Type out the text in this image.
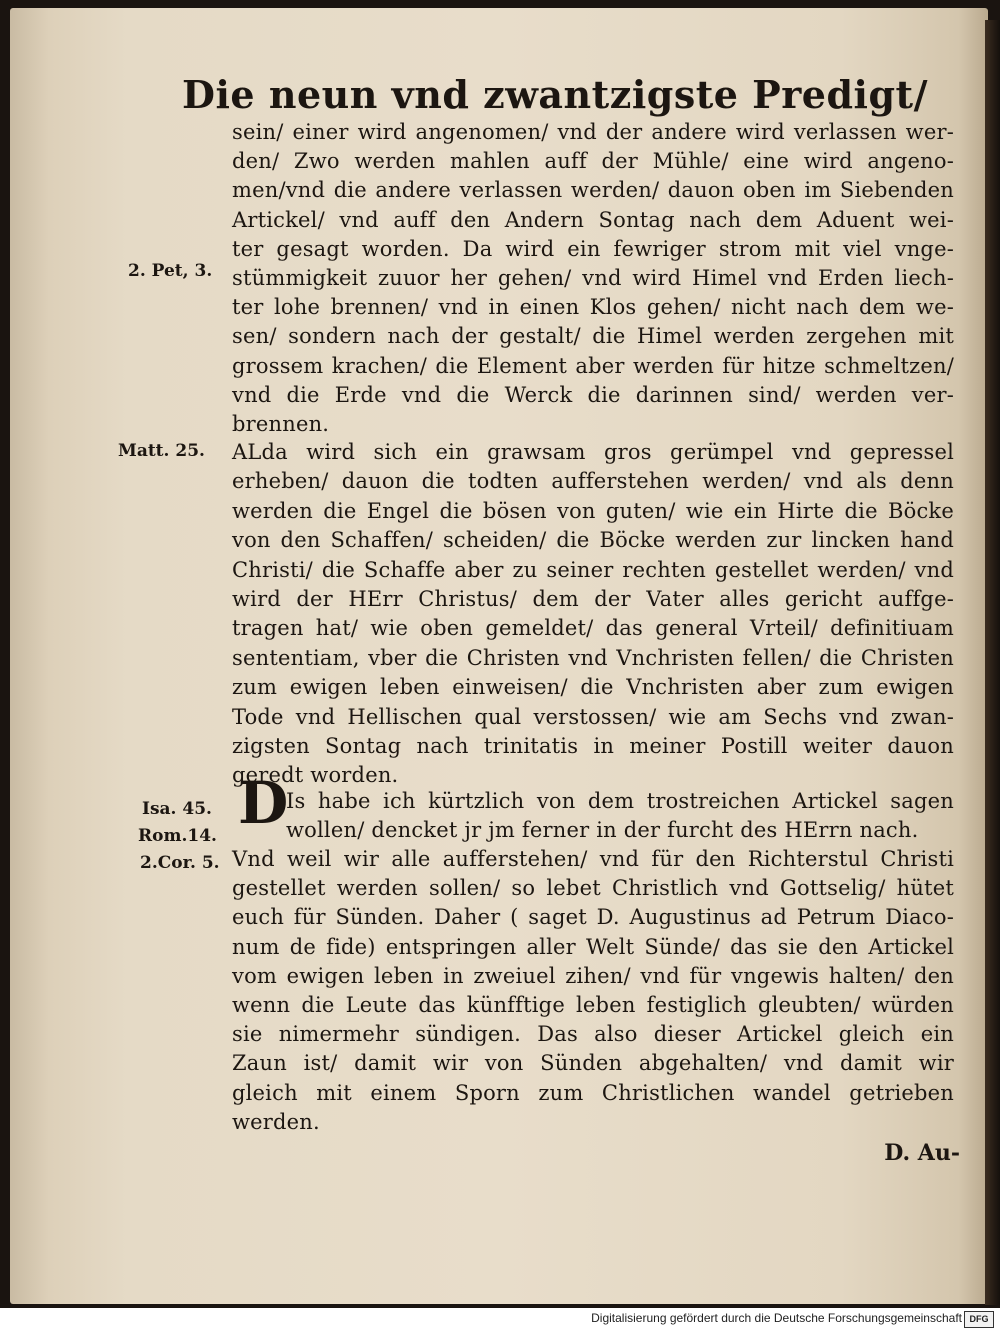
Die neun vnd zwantzigste Predigt/
sein/ einer wird angenomen/ vnd der andere wird verlassen wer-
den/ Zwo werden mahlen auff der Mühle/ eine wird angeno-
men/vnd die andere verlassen werden/ dauon oben im Siebenden
Artickel/ vnd auff den Andern Sontag nach dem Aduent wei-
ter gesagt worden. Da wird ein fewriger strom mit viel vnge-
stümmigkeit zuuor her gehen/ vnd wird Himel vnd Erden liech-
ter lohe brennen/ vnd in einen Klos gehen/ nicht nach dem we-
sen/ sondern nach der gestalt/ die Himel werden zergehen mit
grossem krachen/ die Element aber werden für hitze schmeltzen/
vnd die Erde vnd die Werck die darinnen sind/ werden ver-
brennen.
ALda wird sich ein grawsam gros gerümpel vnd gepressel
erheben/ dauon die todten aufferstehen werden/ vnd als denn
werden die Engel die bösen von guten/ wie ein Hirte die Böcke
von den Schaffen/ scheiden/ die Böcke werden zur lincken hand
Christi/ die Schaffe aber zu seiner rechten gestellet werden/ vnd
wird der HErr Christus/ dem der Vater alles gericht auffge-
tragen hat/ wie oben gemeldet/ das general Vrteil/ definitiuam
sententiam, vber die Christen vnd Vnchristen fellen/ die Christen
zum ewigen leben einweisen/ die Vnchristen aber zum ewigen
Tode vnd Hellischen qual verstossen/ wie am Sechs vnd zwan-
zigsten Sontag nach trinitatis in meiner Postill weiter dauon
geredt worden.
D
Is habe ich kürtzlich von dem trostreichen Artickel sagen
wollen/ dencket jr jm ferner in der furcht des HErrn nach.
Vnd weil wir alle aufferstehen/ vnd für den Richterstul Christi
gestellet werden sollen/ so lebet Christlich vnd Gottselig/ hütet
euch für Sünden. Daher ( saget D. Augustinus ad Petrum Diaco-
num de fide) entspringen aller Welt Sünde/ das sie den Artickel
vom ewigen leben in zweiuel zihen/ vnd für vngewis halten/ den
wenn die Leute das künfftige leben festiglich gleubten/ würden
sie nimermehr sündigen. Das also dieser Artickel gleich ein
Zaun ist/ damit wir von Sünden abgehalten/ vnd damit wir
gleich mit einem Sporn zum Christlichen wandel getrieben
werden.
2. Pet, 3.
Matt. 25.
Isa. 45.
Rom.14.
2.Cor. 5.
D. Au-
Digitalisierung gefördert durch die Deutsche Forschungsgemeinschaft DFG
